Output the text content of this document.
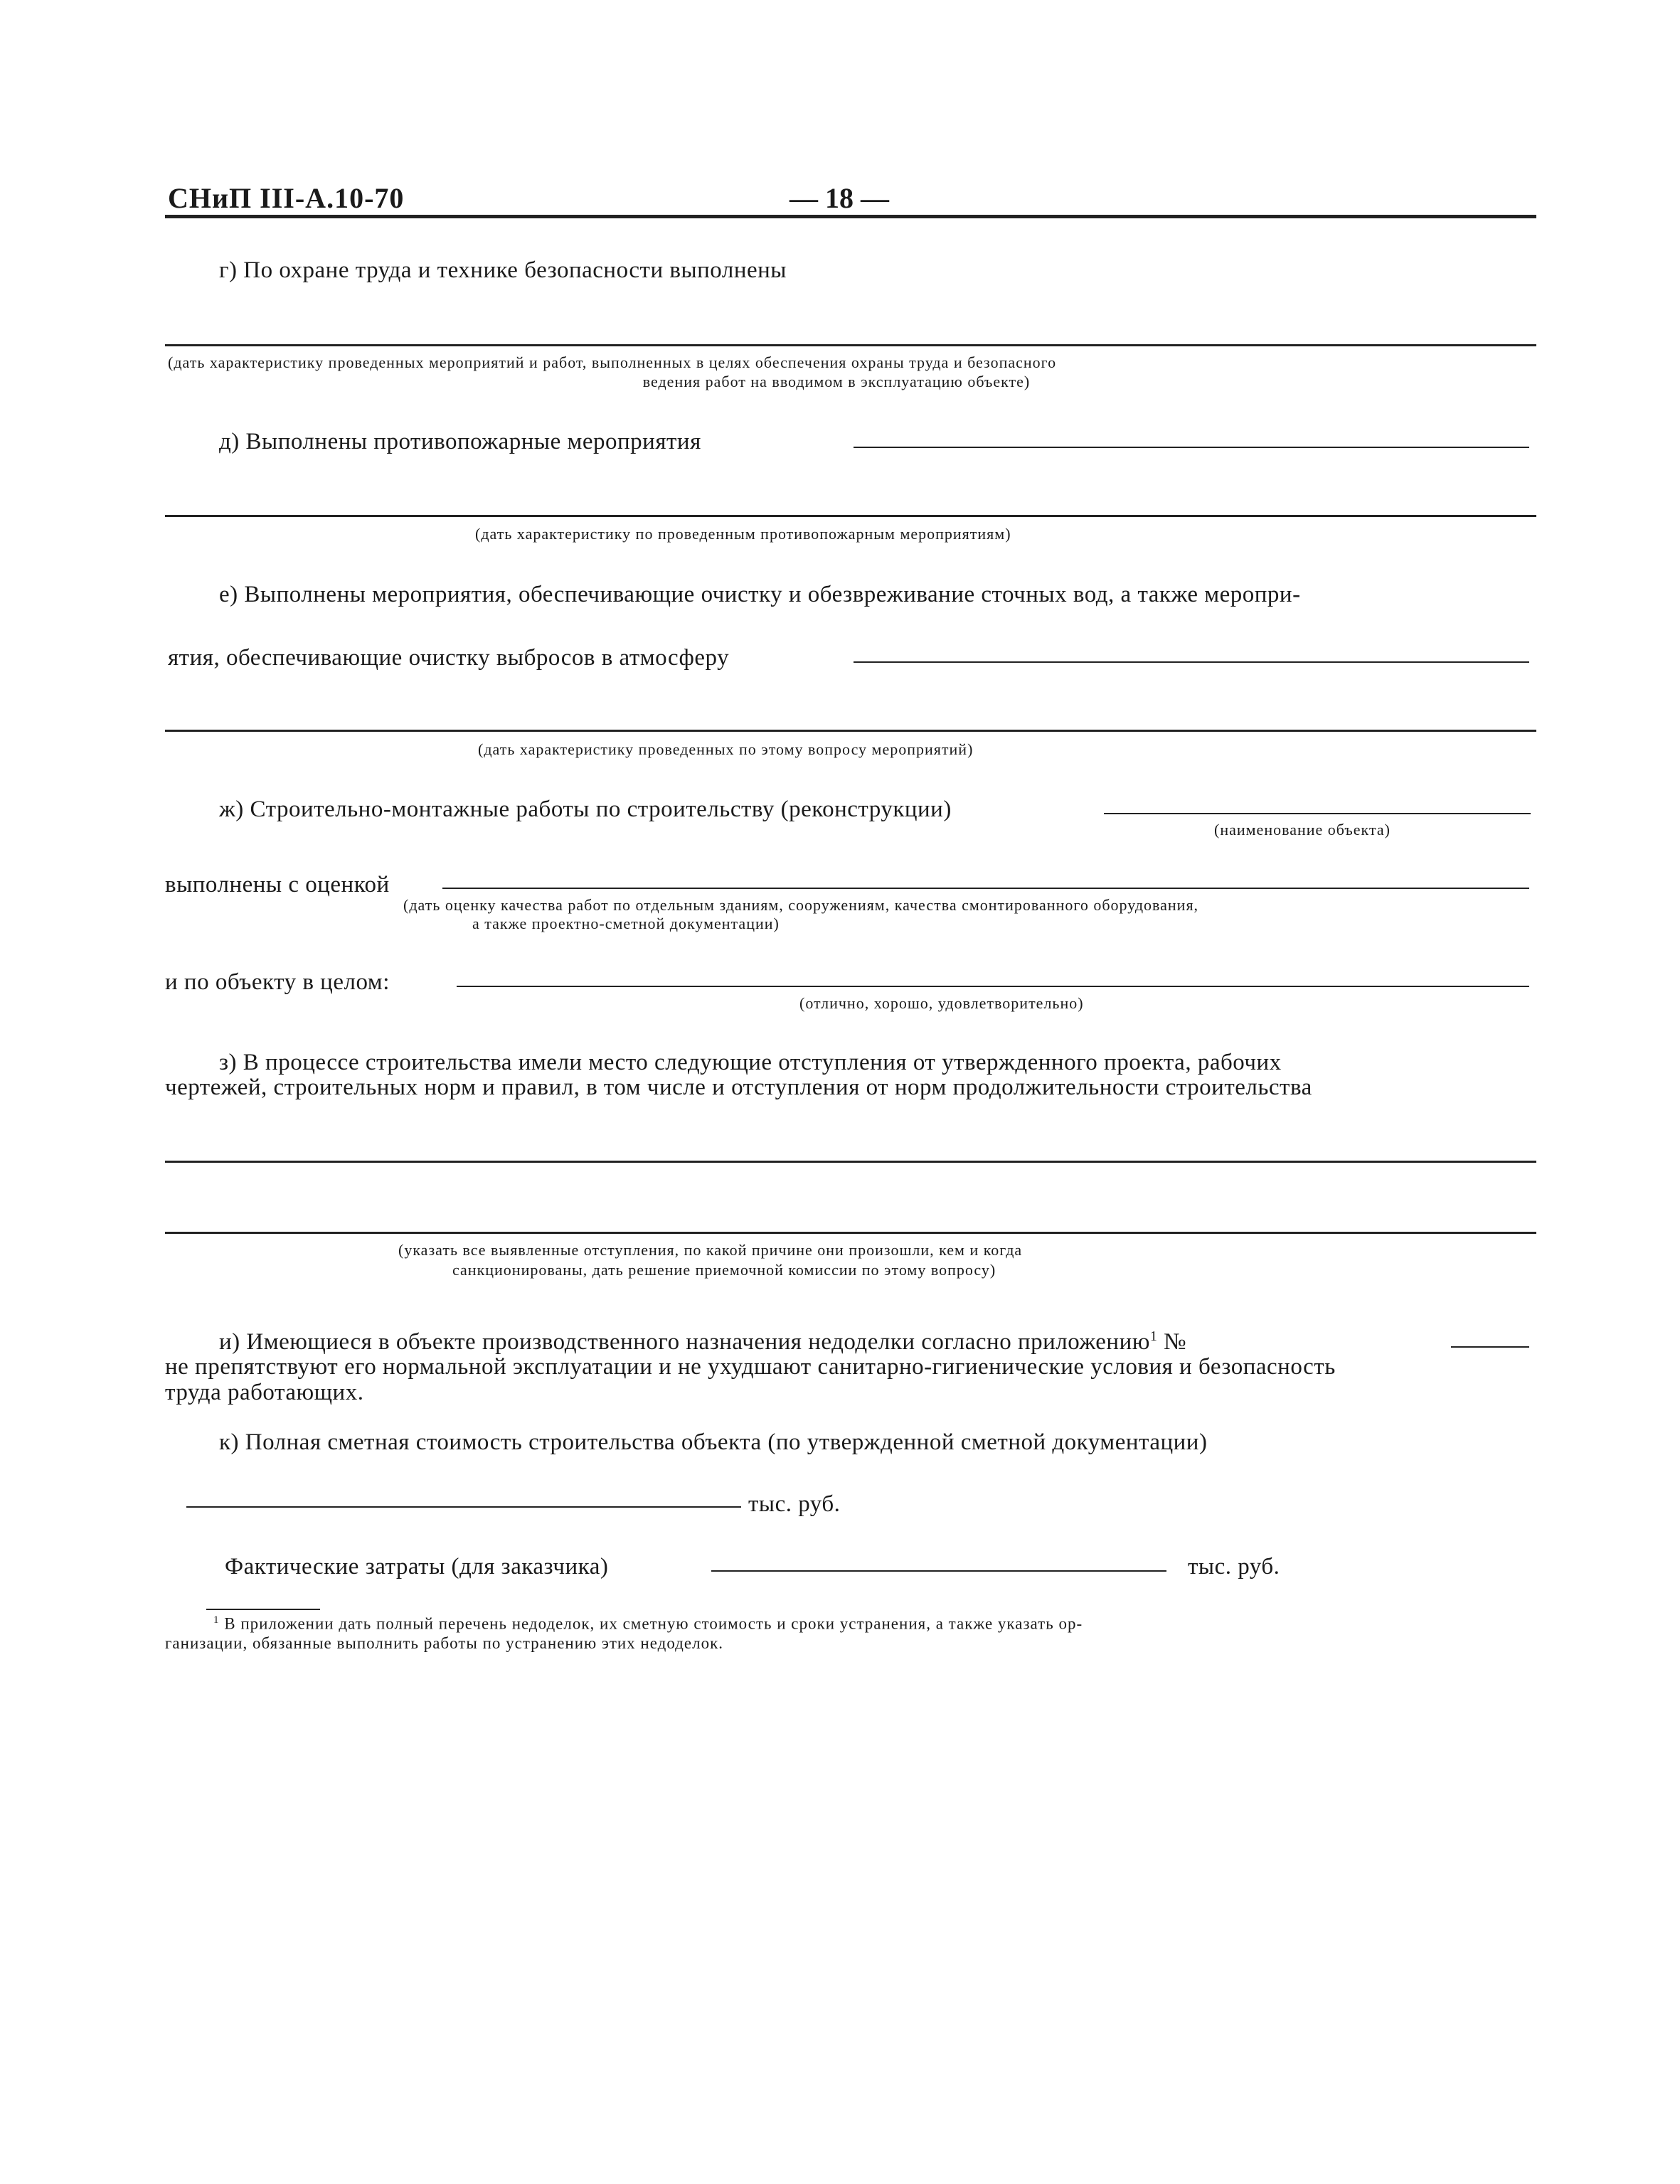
СНиП III-А.10-70	— 18 —
г) По охране труда и технике безопасности выполнены
(дать характеристику проведенных мероприятий и работ, выполненных в целях обеспечения охраны труда и безопасного
ведения работ на вводимом в эксплуатацию объекте)
д) Выполнены противопожарные мероприятия
(дать характеристику по проведенным противопожарным мероприятиям)
е) Выполнены мероприятия, обеспечивающие очистку и обезвреживание сточных вод, а также меропри-
ятия, обеспечивающие очистку выбросов в атмосферу
(дать характеристику проведенных по этому вопросу мероприятий)
ж) Строительно-монтажные работы по строительству (реконструкции)
(наименование объекта)
выполнены с оценкой
(дать оценку качества работ по отдельным зданиям, сооружениям, качества смонтированного оборудования,
а также проектно-сметной документации)
и по объекту в целом:
(отлично, хорошо, удовлетворительно)
з) В процессе строительства имели место следующие отступления от утвержденного проекта, рабочих
чертежей, строительных норм и правил, в том числе и отступления от норм продолжительности строительства
(указать все выявленные отступления, по какой причине они произошли, кем и когда
санкционированы, дать решение приемочной комиссии по этому вопросу)
и) Имеющиеся в объекте производственного назначения недоделки согласно приложению$^1$ №
не препятствуют его нормальной эксплуатации и не ухудшают санитарно-гигиенические условия и безопасность
труда работающих.
к) Полная сметная стоимость строительства объекта (по утвержденной сметной документации)
тыс. руб.
Фактические затраты (для заказчика)	тыс. руб.
$^1$ В приложении дать полный перечень недоделок, их сметную стоимость и сроки устранения, а также указать ор-
ганизации, обязанные выполнить работы по устранению этих недоделок.
